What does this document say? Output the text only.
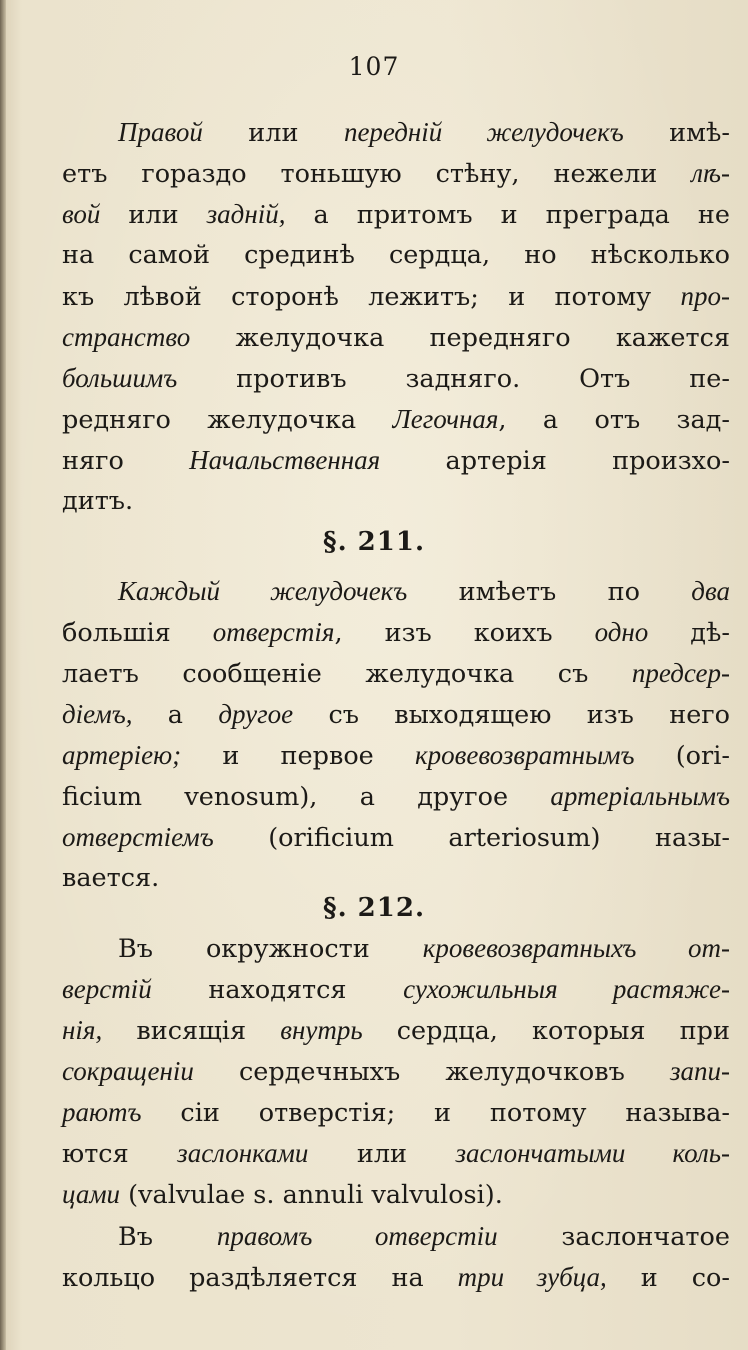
107
Правой или передній желудочекъ имѣ-
етъ гораздо тоньшую стѣну, нежели лѣ-
вой или задній, а притомъ и преграда не
на самой срединѣ сердца, но нѣсколько
къ лѣвой сторонѣ лежитъ; и потому про-
странство желудочка передняго кажется
большимъ противъ задняго. Отъ пе-
редняго желудочка Легочная, а отъ зад-
няго Начальственная артерія произхо-
дитъ.
§. 211.
Каждый желудочекъ имѣетъ по два
большія отверстія, изъ коихъ одно дѣ-
лаетъ сообщеніе желудочка съ предсер-
діемъ, а другое съ выходящею изъ него
артеріею; и первое кровевозвратнымъ (ori-
ficium venosum), а другое артеріальнымъ
отверстіемъ (orificium arteriosum) назы-
вается.
§. 212.
Въ окружности кровевозвратныхъ от-
верстій находятся сухожильныя растяже-
нія, висящія внутрь сердца, которыя при
сокращеніи сердечныхъ желудочковъ запи-
раютъ сіи отверстія; и потому называ-
ются заслонками или заслончатыми коль-
цами (valvulae s. annuli valvulosi).
Въ правомъ отверстіи заслончатое
кольцо раздѣляется на три зубца, и со-
